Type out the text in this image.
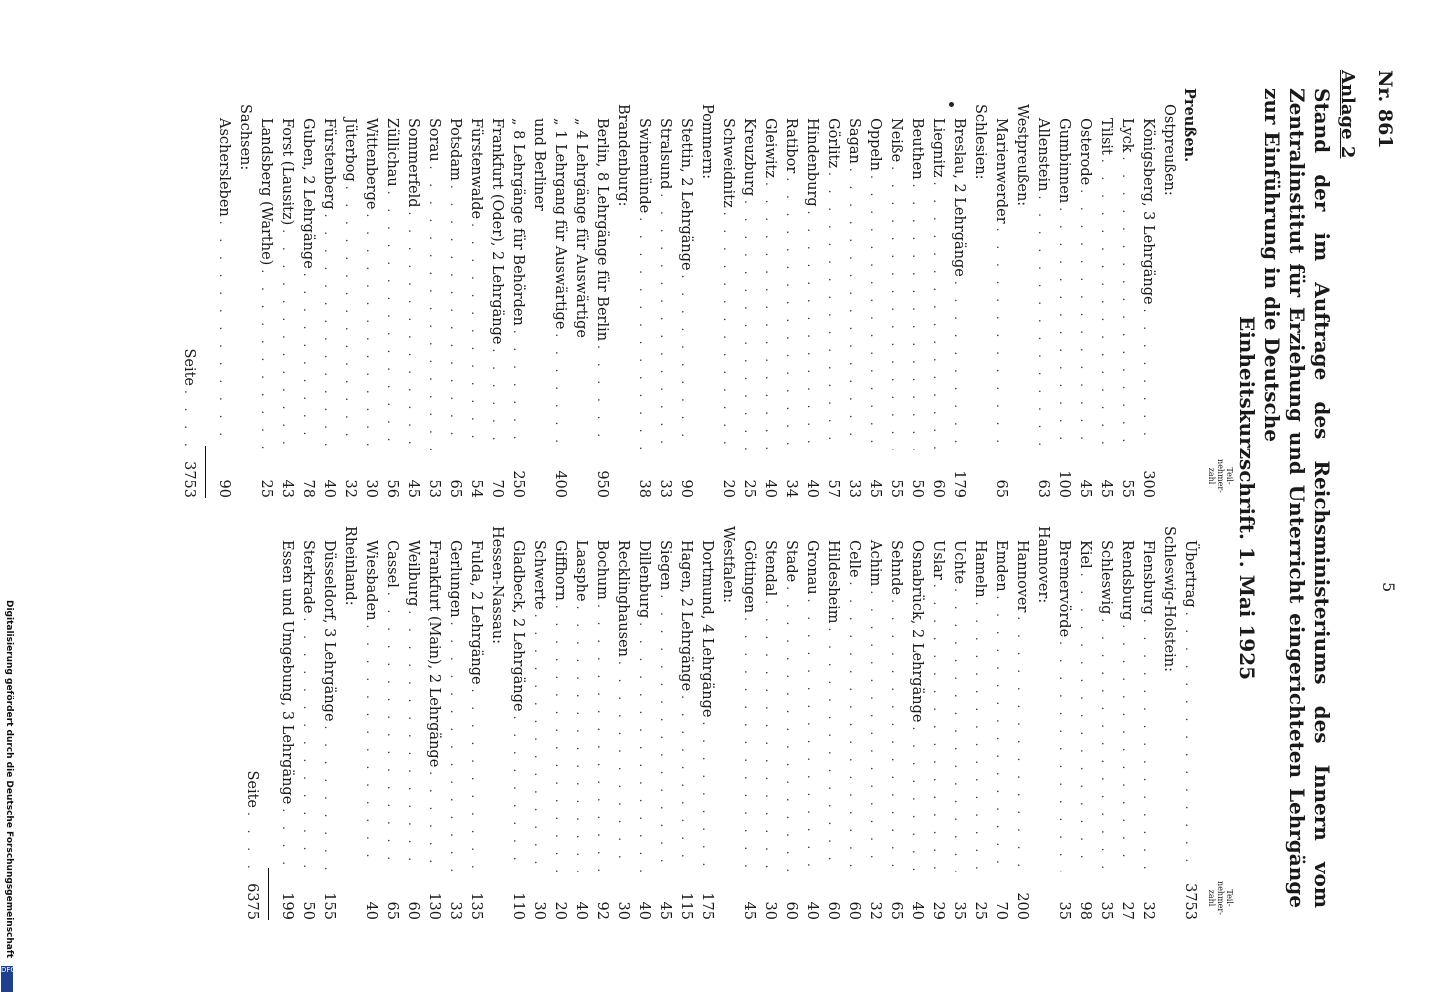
Digitalisierung gefördert durch die Deutsche Forschungsgemeinschaft
DFG
Nr. 861
5
Anlage 2
Stand der im Auftrage des Reichsministeriums des Innern vom Zentralinstitut für Erziehung und Unterricht eingerichteten Lehrgänge zur Einführung in die Deutsche
Einheitskurzschrift. 1. Mai 1925
Teil-nehmer-zahl
Preußen.
Ostpreußen:
Königsberg, 3 Lehrgänge
. . .
300
Lyck
. . .
55
Tilsit
. . .
45
Osterode
. . .
45
Gumbinnen
. . .
100
Allenstein
. . .
63
Westpreußen:
Marienwerder
. . .
65
Schlesien:
Breslau, 2 Lehrgänge
. . .
179
Liegnitz
. . .
60
Beuthen
. . .
50
Neiße
. . .
55
Oppeln
. . .
45
Sagan
. . .
33
Görlitz
. . .
57
Hindenburg
. . .
40
Ratibor
. . .
34
Gleiwitz
. . .
40
Kreuzburg
. . .
25
Schweidnitz
. . .
20
Pommern:
Stettin, 2 Lehrgänge
. . .
90
Stralsund
. . .
33
Swinemünde
. . .
38
Brandenburg:
Berlin, 8 Lehrgänge für Berlin
. . .
950
„ 4 Lehrgänge für Auswärtige
„ 1 Lehrgang für Auswärtige
. . .
400
und Berliner
„ 8 Lehrgänge für Behörden
. . .
250
Frankfurt (Oder), 2 Lehrgänge
. . .
70
Fürstenwalde
. . .
54
Potsdam
. . .
65
Sorau
. . .
53
Sommerfeld
. . .
45
Züllichau
. . .
56
Wittenberge
. . .
30
Jüterbog
. . .
32
Fürstenberg
. . .
40
Guben, 2 Lehrgänge
. . .
78
Forst (Lausitz)
. . .
43
Landsberg (Warthe)
. . .
25
Sachsen:
Aschersleben
. . .
90
Seite
. . .
3753
Teil-nehmer-zahl
Übertrag
. . .
3753
Schleswig-Holstein:
Flensburg
. . .
32
Rendsburg
. . .
27
Schleswig
. . .
35
Kiel
. . .
98
Bremervörde
. . .
35
Hannover:
Hannover
. . .
200
Emden
. . .
70
Hameln
. . .
25
Uchte
. . .
35
Uslar
. . .
29
Osnabrück, 2 Lehrgänge
. . .
40
Sehnde
. . .
65
Achim
. . .
32
Celle
. . .
60
Hildesheim
. . .
60
Gronau
. . .
40
Stade
. . .
60
Stendal
. . .
30
Göttingen
. . .
45
Westfalen:
Dortmund, 4 Lehrgänge
. . .
175
Hagen, 2 Lehrgänge
. . .
115
Siegen
. . .
45
Dillenburg
. . .
40
Recklinghausen
. . .
30
Bochum
. . .
92
Laasphe
. . .
40
Giffhorn
. . .
20
Schwerte
. . .
30
Gladbeck, 2 Lehrgänge
. . .
110
Hessen-Nassau:
Fulda, 2 Lehrgänge
. . .
135
Gerlungen
. . .
33
Frankfurt (Main), 2 Lehrgänge
. . .
130
Weilburg
. . .
60
Cassel
. . .
65
Wiesbaden
. . .
40
Rheinland:
Düsseldorf, 3 Lehrgänge
. . .
155
Sterkrade
. . .
50
Essen und Umgebung, 3 Lehrgänge
. . .
199
Seite
. . .
6375
